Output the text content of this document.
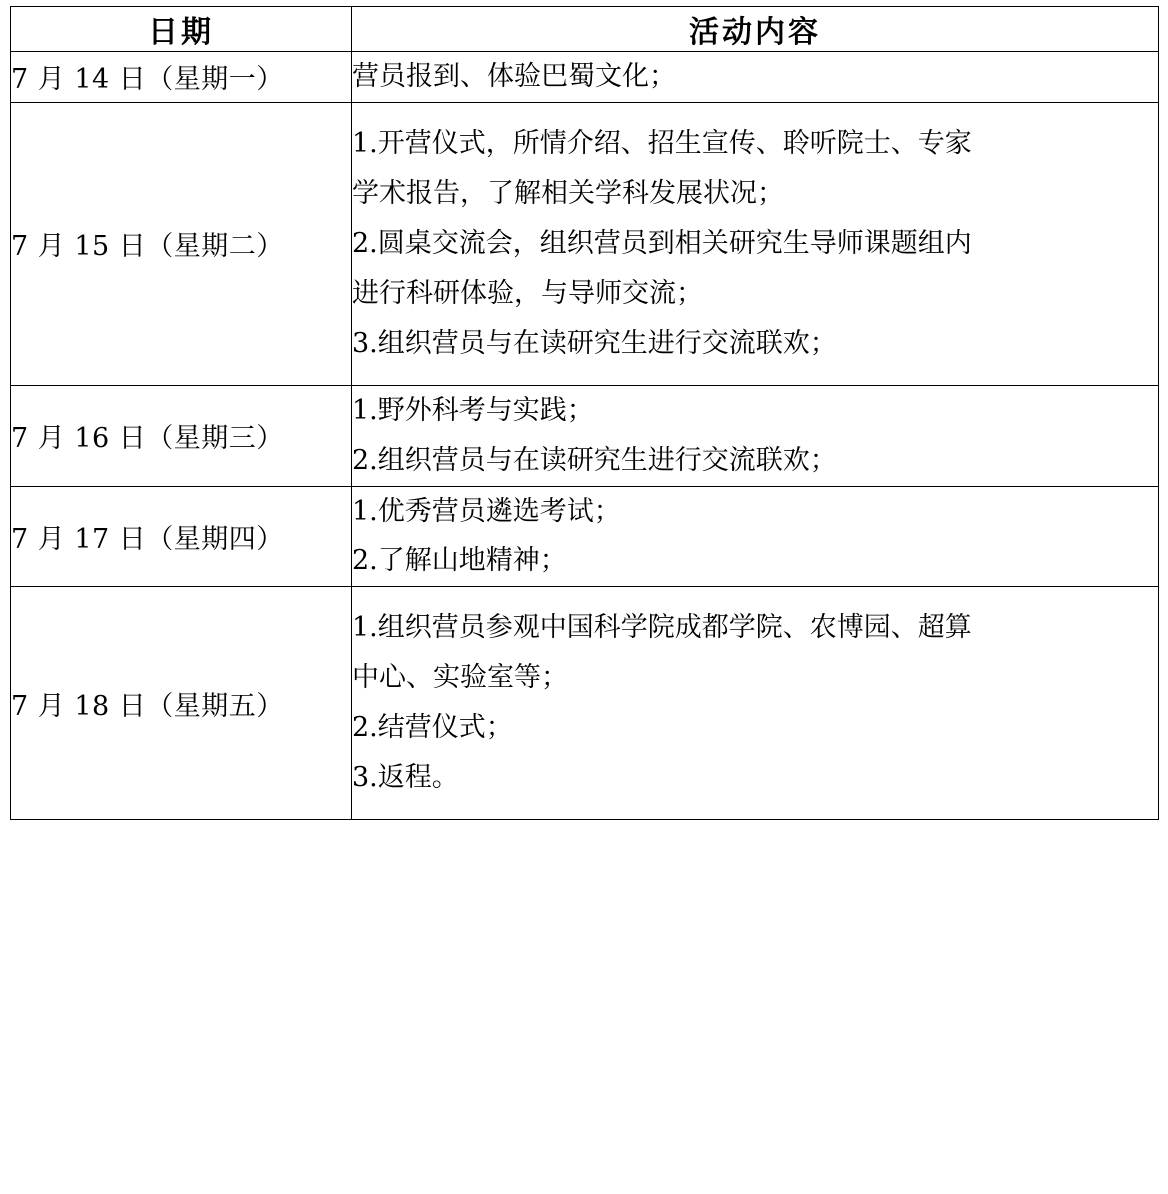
日期	活动内容
7 月 14 日（星期一）	营员报到、体验巴蜀文化；

7 月 15 日（星期二）	1.开营仪式，所情介绍、招生宣传、聆听院士、专家
学术报告，了解相关学科发展状况；
2.圆桌交流会，组织营员到相关研究生导师课题组内
进行科研体验，与导师交流；
3.组织营员与在读研究生进行交流联欢；

7 月 16 日（星期三）	1.野外科考与实践；
2.组织营员与在读研究生进行交流联欢；

7 月 17 日（星期四）	1.优秀营员遴选考试；
2.了解山地精神；

7 月 18 日（星期五）	1.组织营员参观中国科学院成都学院、农博园、超算
中心、实验室等；
2.结营仪式；
3.返程。
